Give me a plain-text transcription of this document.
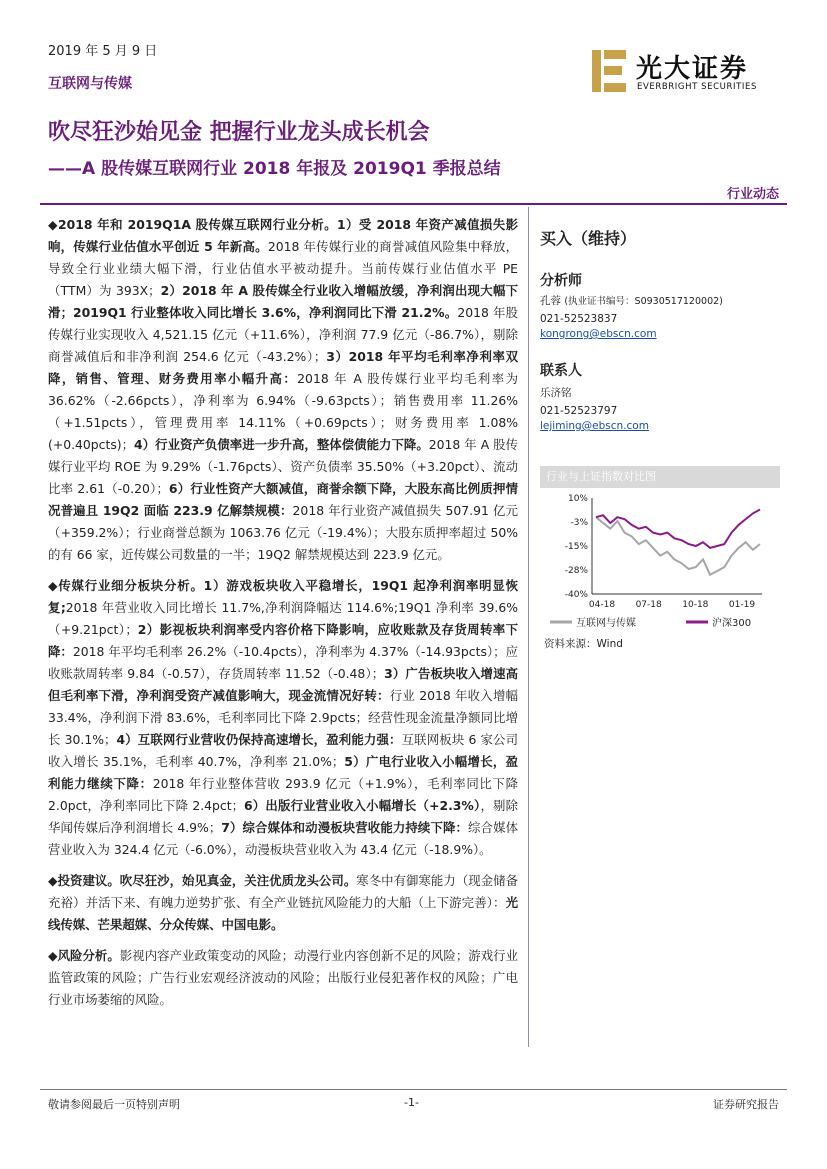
2019 年 5 月 9 日
互联网与传媒	光大证券
EVERBRIGHT SECURITIES
吹尽狂沙始见金 把握行业龙头成长机会
——A 股传媒互联网行业 2018 年报及 2019Q1 季报总结
行业动态

◆2018 年和 2019Q1A 股传媒互联网行业分析。1）受 2018 年资产减值损失影响，传媒行业估值水平创近 5 年新高。2018 年传媒行业的商誉减值风险集中释放，导致全行业业绩大幅下滑，行业估值水平被动提升。当前传媒行业估值水平 PE（TTM）为 393X；2）2018 年 A 股传媒全行业收入增幅放缓，净利润出现大幅下滑；2019Q1 行业整体收入同比增长 3.6%，净利润同比下滑 21.2%。2018 年股传媒行业实现收入 4,521.15 亿元（+11.6%），净利润 77.9 亿元（-86.7%），剔除商誉减值后和非净利润 254.6 亿元（-43.2%）；3）2018 年平均毛利率净利率双降，销售、管理、财务费用率小幅升高：2018 年 A 股传媒行业平均毛利率为 36.62%（-2.66pcts），净利率为 6.94%（-9.63pcts）；销售费用率 11.26%（+1.51pcts），管理费用率 14.11%（+0.69pcts）；财务费用率 1.08%(+0.40pcts)；4）行业资产负债率进一步升高，整体偿债能力下降。2018 年 A 股传媒行业平均 ROE 为 9.29%（-1.76pcts）、资产负债率 35.50%（+3.20pct）、流动比率 2.61（-0.20）；6）行业性资产大额减值，商誉余额下降，大股东高比例质押情况普遍且 19Q2 面临 223.9 亿解禁规模：2018 年行业资产减值损失 507.91 亿元（+359.2%）；行业商誉总额为 1063.76 亿元（-19.4%）；大股东质押率超过 50%的有 66 家，近传媒公司数量的一半；19Q2 解禁规模达到 223.9 亿元。

◆传媒行业细分板块分析。1）游戏板块收入平稳增长，19Q1 起净利润率明显恢复;2018 年营业收入同比增长 11.7%,净利润降幅达 114.6%;19Q1 净利率 39.6%（+9.21pct）；2）影视板块利润率受内容价格下降影响，应收账款及存货周转率下降：2018 年平均毛利率 26.2%（-10.4pcts），净利率为 4.37%（-14.93pcts）；应收账款周转率 9.84（-0.57），存货周转率 11.52（-0.48）；3）广告板块收入增速高但毛利率下滑，净利润受资产减值影响大，现金流情况好转：行业 2018 年收入增幅 33.4%，净利润下滑 83.6%，毛利率同比下降 2.9pcts；经营性现金流量净额同比增长 30.1%；4）互联网行业营收仍保持高速增长，盈利能力强：互联网板块 6 家公司收入增长 35.1%，毛利率 40.7%，净利率 21.0%；5）广电行业收入小幅增长，盈利能力继续下降：2018 年行业整体营收 293.9 亿元（+1.9%），毛利率同比下降 2.0pct，净利率同比下降 2.4pct；6）出版行业营业收入小幅增长（+2.3%），剔除华闻传媒后净利润增长 4.9%；7）综合媒体和动漫板块营收能力持续下降：综合媒体营业收入为 324.4 亿元（-6.0%），动漫板块营业收入为 43.4 亿元（-18.9%）。

◆投资建议。吹尽狂沙，始见真金，关注优质龙头公司。寒冬中有御寒能力（现金储备充裕）并活下来、有魄力逆势扩张、有全产业链抗风险能力的大船（上下游完善）：光线传媒、芒果超媒、分众传媒、中国电影。

◆风险分析。影视内容产业政策变动的风险；动漫行业内容创新不足的风险；游戏行业监管政策的风险；广告行业宏观经济波动的风险；出版行业侵犯著作权的风险；广电行业市场萎缩的风险。

买入（维持）
分析师
孔蓉 (执业证书编号：S0930517120002)
021-52523837
kongrong@ebscn.com
联系人
乐济铭
021-52523797
lejiming@ebscn.com
行业与上证指数对比图
10%
-3%
-15%
-28%
-40%
04-18 07-18 10-18 01-19
互联网与传媒	沪深300
资料来源：Wind
敬请参阅最后一页特别声明	-1-	证券研究报告
